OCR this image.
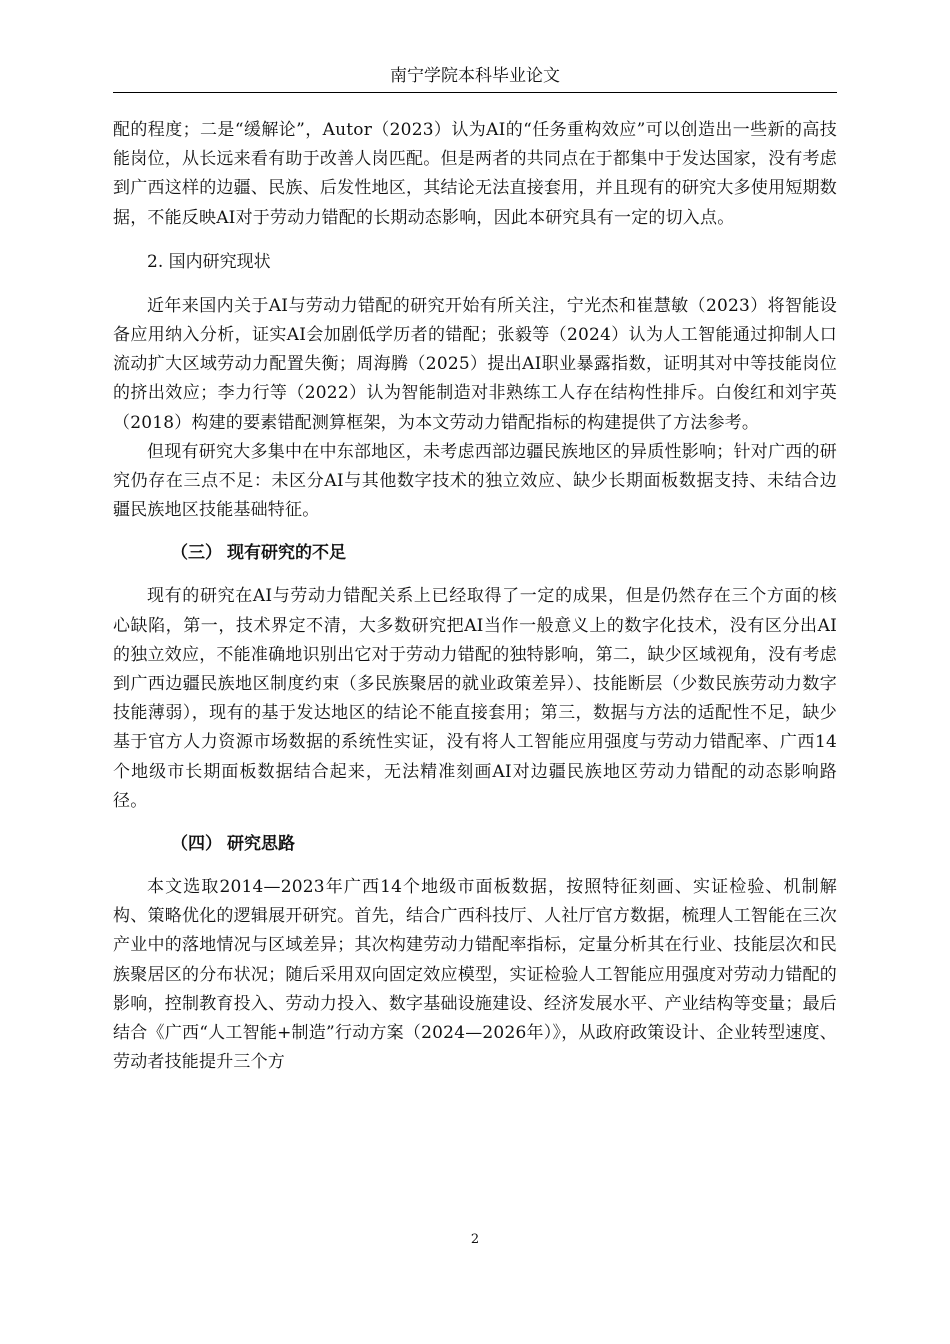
南宁学院本科毕业论文

配的程度；二是“缓解论”，Autor（2023）认为AI的“任务重构效应”可以创造出一些新的高技能岗位，从长远来看有助于改善人岗匹配。但是两者的共同点在于都集中于发达国家，没有考虑到广西这样的边疆、民族、后发性地区，其结论无法直接套用，并且现有的研究大多使用短期数据，不能反映AI对于劳动力错配的长期动态影响，因此本研究具有一定的切入点。

2. 国内研究现状

近年来国内关于AI与劳动力错配的研究开始有所关注，宁光杰和崔慧敏（2023）将智能设备应用纳入分析，证实AI会加剧低学历者的错配；张毅等（2024）认为人工智能通过抑制人口流动扩大区域劳动力配置失衡；周海腾（2025）提出AI职业暴露指数，证明其对中等技能岗位的挤出效应；李力行等（2022）认为智能制造对非熟练工人存在结构性排斥。白俊红和刘宇英（2018）构建的要素错配测算框架，为本文劳动力错配指标的构建提供了方法参考。

但现有研究大多集中在中东部地区，未考虑西部边疆民族地区的异质性影响；针对广西的研究仍存在三点不足：未区分AI与其他数字技术的独立效应、缺少长期面板数据支持、未结合边疆民族地区技能基础特征。

（三） 现有研究的不足

现有的研究在AI与劳动力错配关系上已经取得了一定的成果，但是仍然存在三个方面的核心缺陷，第一，技术界定不清，大多数研究把AI当作一般意义上的数字化技术，没有区分出AI的独立效应，不能准确地识别出它对于劳动力错配的独特影响，第二，缺少区域视角，没有考虑到广西边疆民族地区制度约束（多民族聚居的就业政策差异）、技能断层（少数民族劳动力数字技能薄弱），现有的基于发达地区的结论不能直接套用；第三，数据与方法的适配性不足，缺少基于官方人力资源市场数据的系统性实证，没有将人工智能应用强度与劳动力错配率、广西14个地级市长期面板数据结合起来，无法精准刻画AI对边疆民族地区劳动力错配的动态影响路径。

（四） 研究思路

本文选取2014—2023年广西14个地级市面板数据，按照特征刻画、实证检验、机制解构、策略优化的逻辑展开研究。首先，结合广西科技厅、人社厅官方数据，梳理人工智能在三次产业中的落地情况与区域差异；其次构建劳动力错配率指标，定量分析其在行业、技能层次和民族聚居区的分布状况；随后采用双向固定效应模型，实证检验人工智能应用强度对劳动力错配的影响，控制教育投入、劳动力投入、数字基础设施建设、经济发展水平、产业结构等变量；最后结合《广西“人工智能+制造”行动方案（2024—2026年）》，从政府政策设计、企业转型速度、劳动者技能提升三个方

2
